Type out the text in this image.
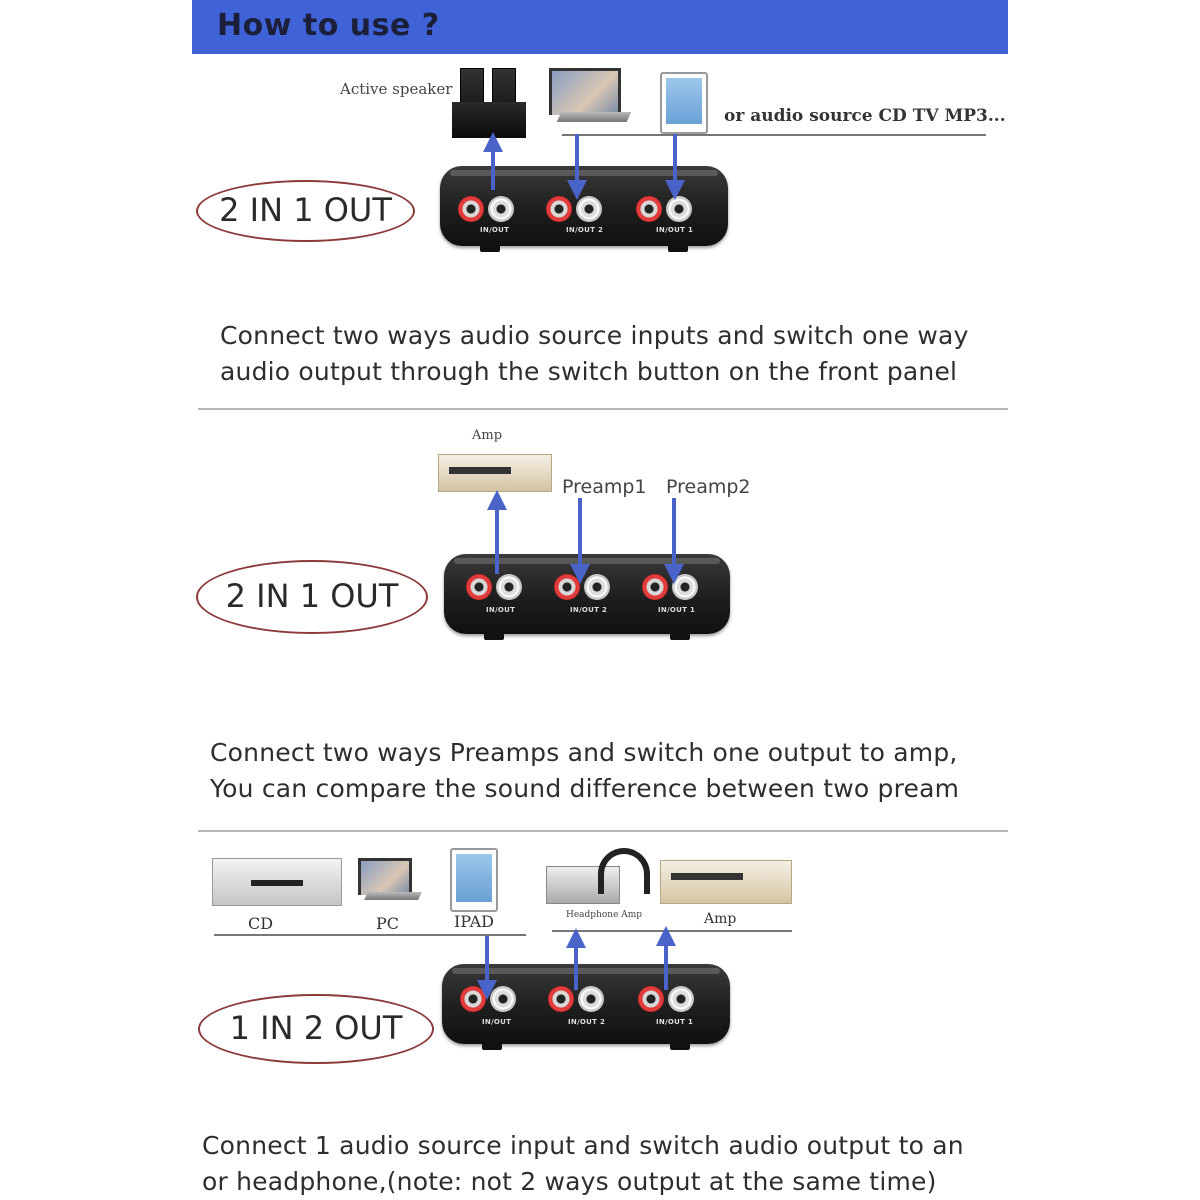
How to use ?
Active speaker
or audio source CD TV MP3...
2 IN 1 OUT
IN/OUT	IN/OUT 2	IN/OUT 1
Connect two ways audio source inputs and switch one way
audio output through the switch button on the front panel
Amp
Preamp1 Preamp2
2 IN 1 OUT	IN/OUT	IN/OUT 2	IN/OUT 1
Connect two ways Preamps and switch one output to amp,
You can compare the sound difference between two pream
CD	PC	IPAD	Headphone Amp	Amp
1 IN 2 OUT	IN/OUT	IN/OUT 2	IN/OUT 1
Connect 1 audio source input and switch audio output to an
or headphone,(note: not 2 ways output at the same time)
